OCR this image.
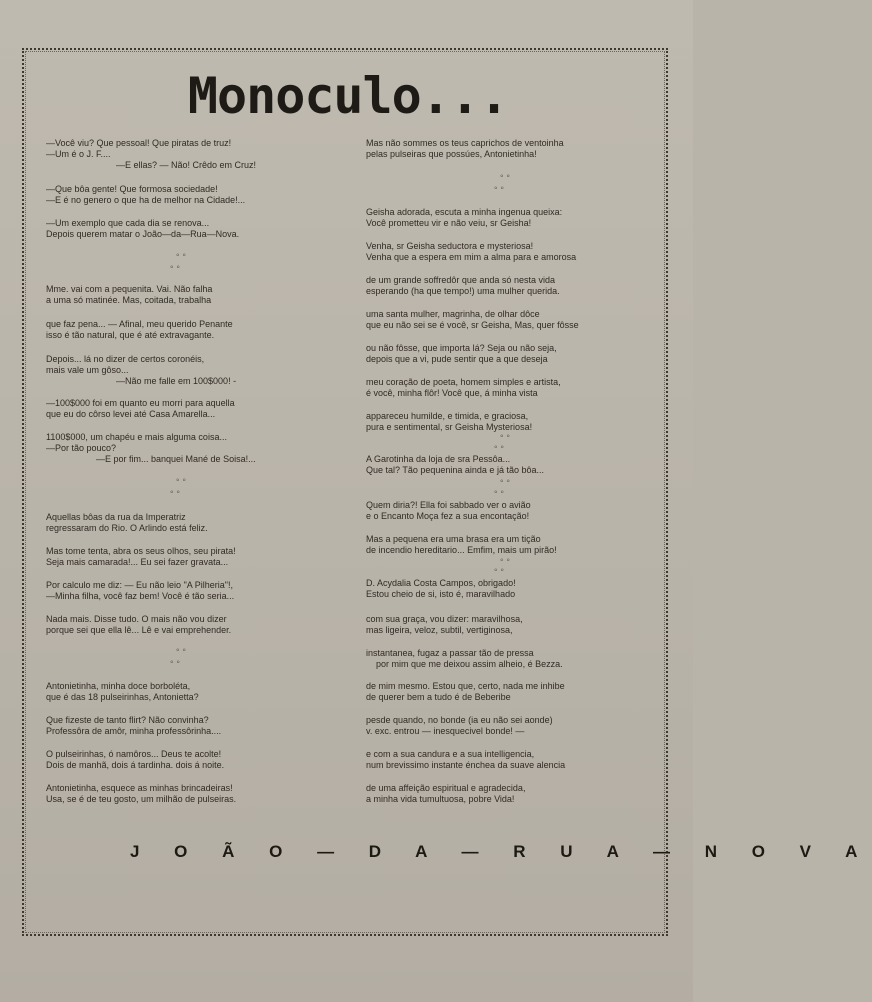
Monoculo...
—Você viu? Que pessoal! Que piratas de truz!
—Um é o J. F....
—E ellas? — Não! Crêdo em Cruz!
—Que bôa gente! Que formosa sociedade!
—E é no genero o que ha de melhor na Cidade!...
—Um exemplo que cada dia se renova...
Depois querem matar o João—da—Rua—Nova.
◦ ◦
◦ ◦
Mme. vai com a pequenita. Vai. Não falha
a uma só matinée. Mas, coitada, trabalha
que faz pena... — Afinal, meu querido Penante
isso é tão natural, que é até extravagante.
Depois... lá no dizer de certos coronéis,
mais vale um gôso...
—Não me falle em 100$000! -
—100$000 foi em quanto eu morri para aquella
que eu do côrso levei até Casa Amarella...
1100$000, um chapéu e mais alguma coisa...
—Por tão pouco?
—E por fim... banquei Mané de Soisa!...
◦ ◦
◦ ◦
Aquellas bôas da rua da Imperatriz
regressaram do Rio. O Arlindo está feliz.
Mas tome tenta, abra os seus olhos, seu pirata!
Seja mais camarada!... Eu sei fazer gravata...
Por calculo me diz: — Eu não leio "A Pilheria"!,
—Minha filha, você faz bem! Você é tão seria...
Nada mais. Disse tudo. O mais não vou dizer
porque sei que ella lê... Lê e vai emprehender.
◦ ◦
◦ ◦
Antonietinha, minha doce borboléta,
que é das 18 pulseirinhas, Antonietta?
Que fizeste de tanto flirt? Não convinha?
Professôra de amôr, minha professôrinha....
O pulseirinhas, ó namôros... Deus te acolte!
Dois de manhã, dois á tardinha. dois á noite.
Antonietinha, esquece as minhas brincadeiras!
Usa, se é de teu gosto, um milhão de pulseiras.
Mas não sommes os teus caprichos de ventoinha
pelas pulseiras que possúes, Antonietinha!
◦ ◦
◦ ◦
Geisha adorada, escuta a minha ingenua queixa:
Você prometteu vir e não veiu, sr Geisha!
Venha, sr Geisha seductora e mysteriosa!
Venha que a espera em mim a alma para e amorosa
de um grande soffredôr que anda só nesta vida
esperando (ha que tempo!) uma mulher querida.
uma santa mulher, magrinha, de olhar dôce
que eu não sei se é você, sr Geisha, Mas, quer fôsse
ou não fôsse, que importa lá? Seja ou não seja,
depois que a vi, pude sentir que a que deseja
meu coração de poeta, homem simples e artista,
é você, minha flôr! Você que, á minha vista
appareceu humilde, e timida, e graciosa,
pura e sentimental, sr Geisha Mysteriosa!
◦ ◦
◦ ◦
A Garotinha da loja de sra Pessôa...
Que tal? Tão pequenina ainda e já tão bôa...
◦ ◦
◦ ◦
Quem diria?! Ella foi sabbado ver o avião
e o Encanto Moça fez a sua encontação!
Mas a pequena era uma brasa era um tição
de incendio hereditario... Emfim, mais um pirão!
◦ ◦
◦ ◦
D. Acydalia Costa Campos, obrigado!
Estou cheio de si, isto é, maravilhado
com sua graça, vou dizer: maravilhosa,
mas ligeira, veloz, subtil, vertiginosa,
instantanea, fugaz a passar tão de pressa
por mim que me deixou assim alheio, é Bezza.
de mim mesmo. Estou que, certo, nada me inhibe
de querer bem a tudo é de Beberibe
pesde quando, no bonde (ia eu não sei aonde)
v. exc. entrou — inesquecivel bonde! —
e com a sua candura e a sua intelligencia,
num brevissimo instante énchea da suave alencia
de uma affeição espiritual e agradecida,
a minha vida tumultuosa, pobre Vida!
J O Ã O — D A — R U A — N O V A
